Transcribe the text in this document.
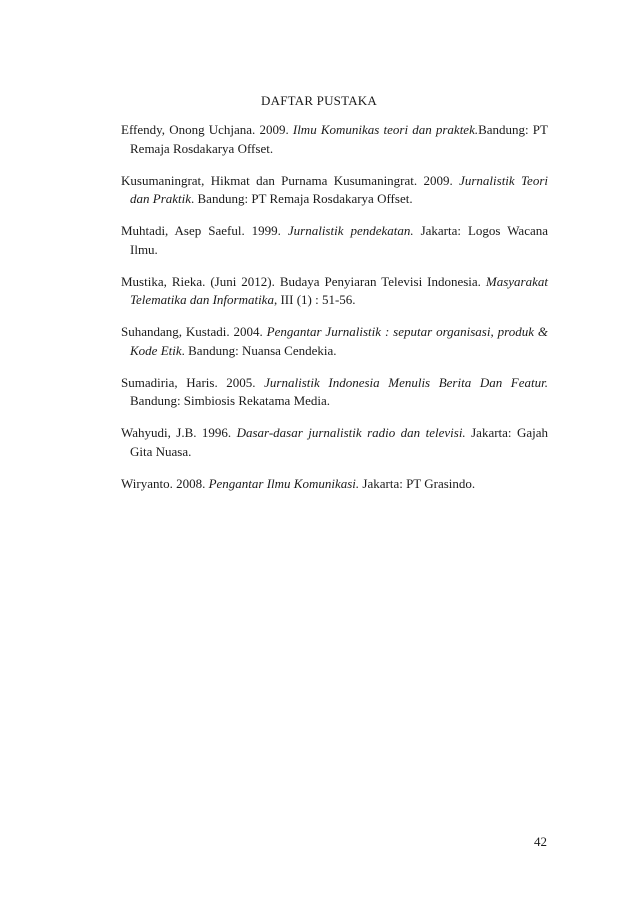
DAFTAR PUSTAKA
Effendy, Onong Uchjana. 2009. Ilmu Komunikas teori dan praktek.Bandung: PT Remaja Rosdakarya Offset.
Kusumaningrat, Hikmat dan Purnama Kusumaningrat. 2009. Jurnalistik Teori dan Praktik. Bandung: PT Remaja Rosdakarya Offset.
Muhtadi, Asep Saeful. 1999. Jurnalistik pendekatan. Jakarta: Logos Wacana Ilmu.
Mustika, Rieka. (Juni 2012). Budaya Penyiaran Televisi Indonesia. Masyarakat Telematika dan Informatika, III (1) : 51-56.
Suhandang, Kustadi. 2004. Pengantar Jurnalistik : seputar organisasi, produk & Kode Etik. Bandung: Nuansa Cendekia.
Sumadiria, Haris. 2005. Jurnalistik Indonesia Menulis Berita Dan Featur. Bandung: Simbiosis Rekatama Media.
Wahyudi, J.B. 1996. Dasar-dasar jurnalistik radio dan televisi. Jakarta: Gajah Gita Nuasa.
Wiryanto. 2008. Pengantar Ilmu Komunikasi. Jakarta: PT Grasindo.
42
